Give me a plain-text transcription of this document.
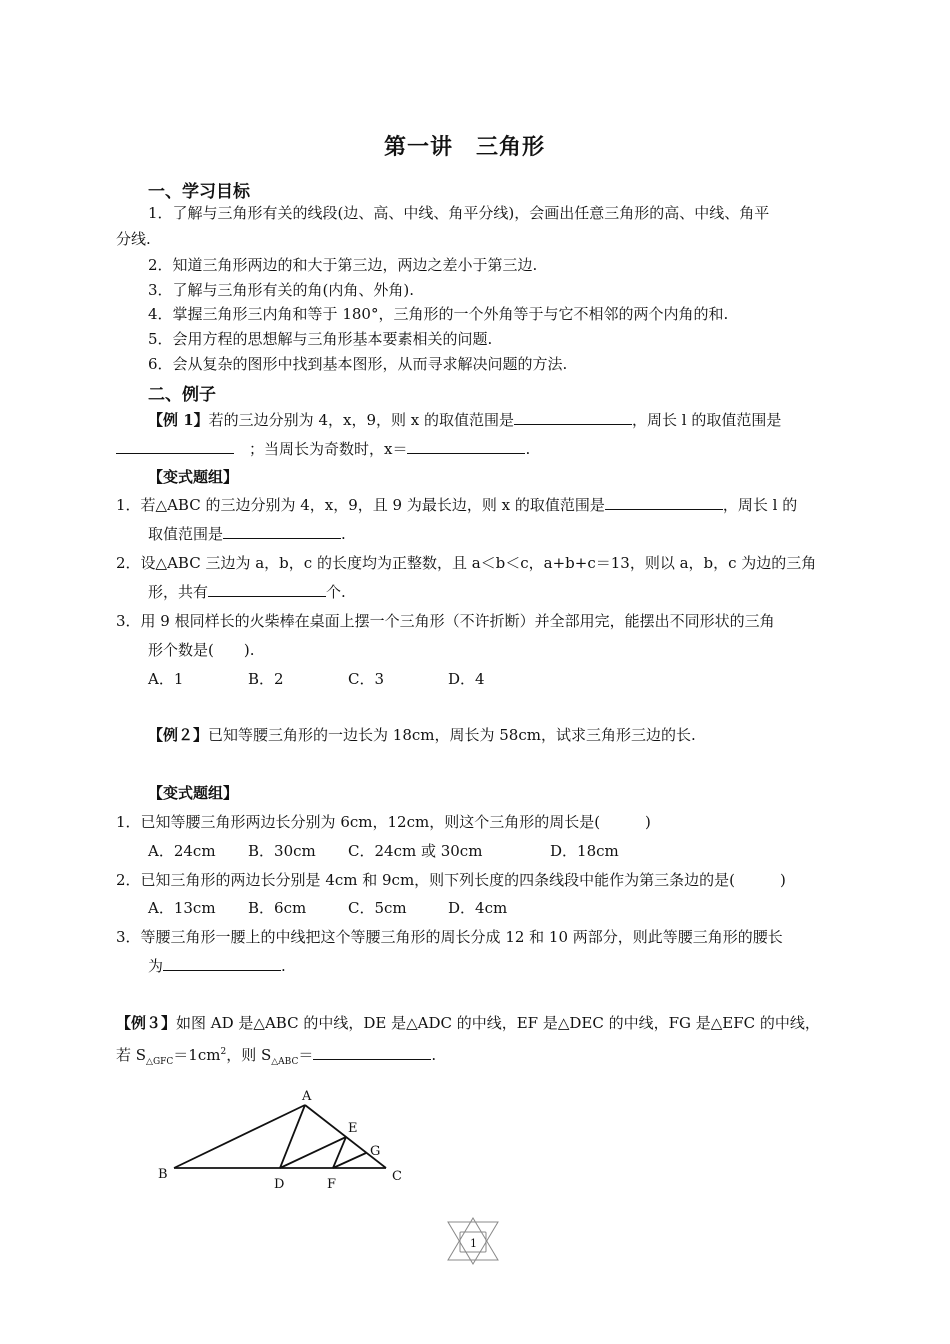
第一讲　三角形
一、学习目标
1．了解与三角形有关的线段(边、高、中线、角平分线)，会画出任意三角形的高、中线、角平
分线.
2．知道三角形两边的和大于第三边，两边之差小于第三边.
3．了解与三角形有关的角(内角、外角).
4．掌握三角形三内角和等于 180°，三角形的一个外角等于与它不相邻的两个内角的和.
5．会用方程的思想解与三角形基本要素相关的问题.
6．会从复杂的图形中找到基本图形，从而寻求解决问题的方法.
二、例子
【例 1】若的三边分别为 4，x，9，则 x 的取值范围是	，周长 l 的取值范围是
　；当周长为奇数时，x＝	.
【变式题组】
1．若△ABC 的三边分别为 4，x，9，且 9 为最长边，则 x 的取值范围是	，周长 l 的
取值范围是	.
2．设△ABC 三边为 a，b，c 的长度均为正整数，且 a＜b＜c，a+b+c＝13，则以 a，b，c 为边的三角
形，共有	个.
3．用 9 根同样长的火柴棒在桌面上摆一个三角形（不许折断）并全部用完，能摆出不同形状的三角
形个数是(　　).
A．1	B．2	C．3	D．4
【例２】已知等腰三角形的一边长为 18cm，周长为 58cm，试求三角形三边的长.
【变式题组】
1．已知等腰三角形两边长分别为 6cm，12cm，则这个三角形的周长是(　　　)
A．24cm B．30cm C．24cm 或 30cm	D．18cm
2．已知三角形的两边长分别是 4cm 和 9cm，则下列长度的四条线段中能作为第三条边的是(　　　)
A．13cm B．6cm	C．5cm	D．4cm
3．等腰三角形一腰上的中线把这个等腰三角形的周长分成 12 和 10 两部分，则此等腰三角形的腰长
为	.
【例３】如图 AD 是△ABC 的中线，DE 是△ADC 的中线，EF 是△DEC 的中线，FG 是△EFC 的中线，
若 $S_{\triangle GFC}=1cm^2$，则 $S_{\triangle ABC}=$	.
A
B	C
D
E
F
G
1
